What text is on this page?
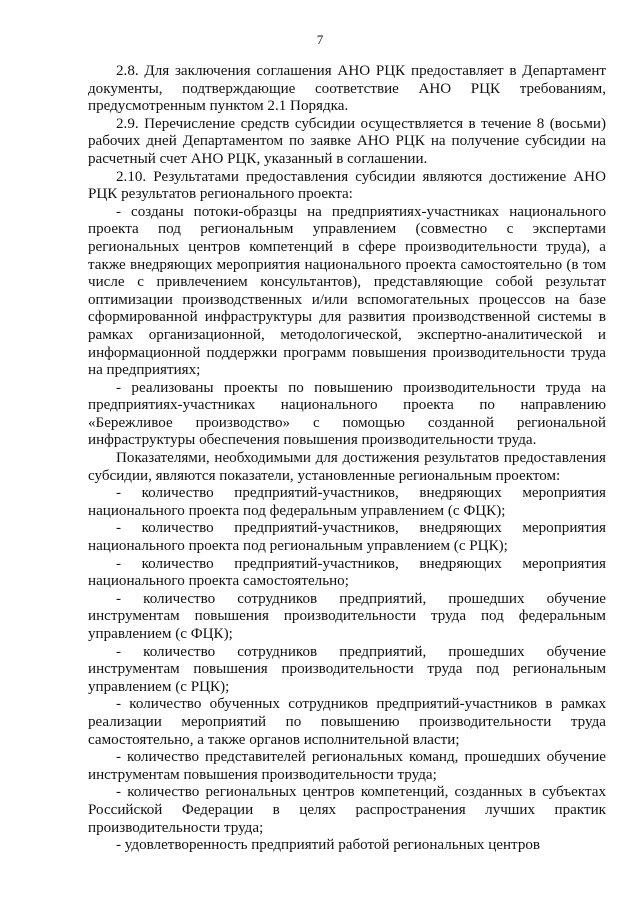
7

2.8. Для заключения соглашения АНО РЦК предоставляет в Департамент документы, подтверждающие соответствие АНО РЦК требованиям, предусмотренным пунктом 2.1 Порядка.

2.9. Перечисление средств субсидии осуществляется в течение 8 (восьми) рабочих дней Департаментом по заявке АНО РЦК на получение субсидии на расчетный счет АНО РЦК, указанный в соглашении.

2.10. Результатами предоставления субсидии являются достижение АНО РЦК результатов регионального проекта:

- созданы потоки-образцы на предприятиях-участниках национального проекта под региональным управлением (совместно с экспертами региональных центров компетенций в сфере производительности труда), а также внедряющих мероприятия национального проекта самостоятельно (в том числе с привлечением консультантов), представляющие собой результат оптимизации производственных и/или вспомогательных процессов на базе сформированной инфраструктуры для развития производственной системы в рамках организационной, методологической, экспертно-аналитической и информационной поддержки программ повышения производительности труда на предприятиях;

- реализованы проекты по повышению производительности труда на предприятиях-участниках национального проекта по направлению «Бережливое производство» с помощью созданной региональной инфраструктуры обеспечения повышения производительности труда.

Показателями, необходимыми для достижения результатов предоставления субсидии, являются показатели, установленные региональным проектом:

- количество предприятий-участников, внедряющих мероприятия национального проекта под федеральным управлением (с ФЦК);

- количество предприятий-участников, внедряющих мероприятия национального проекта под региональным управлением (с РЦК);

- количество предприятий-участников, внедряющих мероприятия национального проекта самостоятельно;

- количество сотрудников предприятий, прошедших обучение инструментам повышения производительности труда под федеральным управлением (с ФЦК);

- количество сотрудников предприятий, прошедших обучение инструментам повышения производительности труда под региональным управлением (с РЦК);

- количество обученных сотрудников предприятий-участников в рамках реализации мероприятий по повышению производительности труда самостоятельно, а также органов исполнительной власти;

- количество представителей региональных команд, прошедших обучение инструментам повышения производительности труда;

- количество региональных центров компетенций, созданных в субъектах Российской Федерации в целях распространения лучших практик производительности труда;

- удовлетворенность предприятий работой региональных центров
